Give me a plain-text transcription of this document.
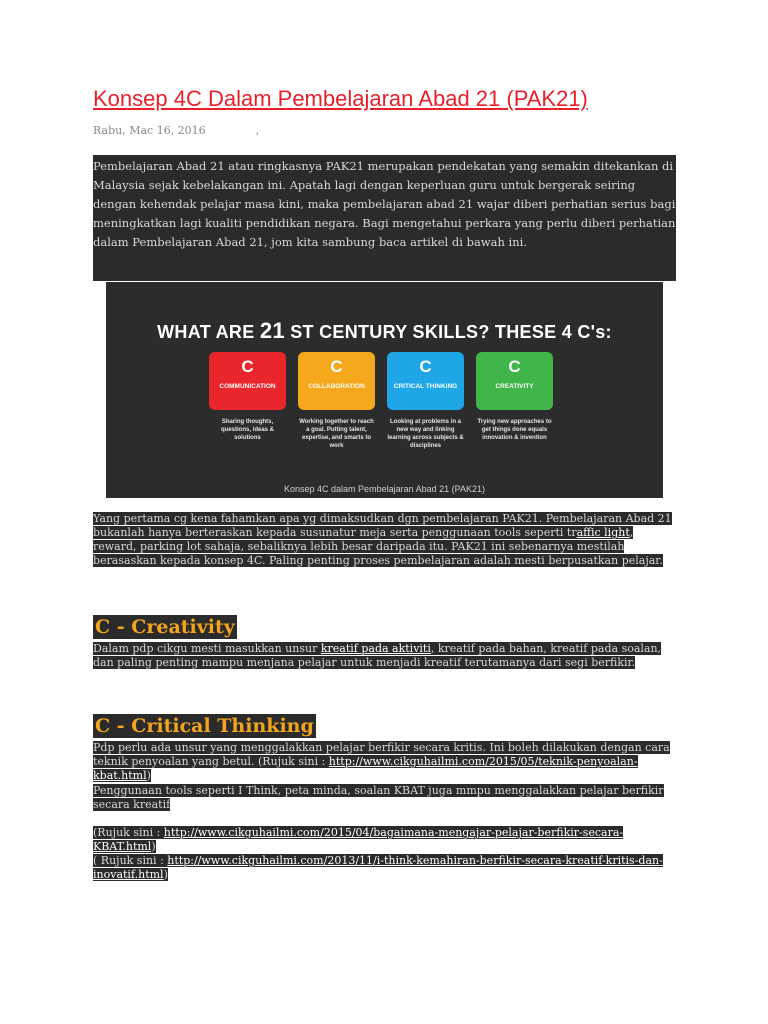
Konsep 4C Dalam Pembelajaran Abad 21 (PAK21)
Rabu, Mac 16, 2016	,

Pembelajaran Abad 21 atau ringkasnya PAK21 merupakan pendekatan yang semakin ditekankan di Malaysia sejak kebelakangan ini. Apatah lagi dengan keperluan guru untuk bergerak seiring dengan kehendak pelajar masa kini, maka pembelajaran abad 21 wajar diberi perhatian serius bagi meningkatkan lagi kualiti pendidikan negara. Bagi mengetahui perkara yang perlu diberi perhatian dalam Pembelajaran Abad 21, jom kita sambung baca artikel di bawah ini.

WHAT ARE 21 ST CENTURY SKILLS? THESE 4 C's:
C
COMMUNICATION
Sharing thoughts, questions, ideas & solutions
C
COLLABORATION
Working together to reach a goal. Putting talent, expertise, and smarts to work
C
CRITICAL THINKING
Looking at problems in a new way and linking learning across subjects & disciplines
C
CREATIVITY
Trying new approaches to get things done equals innovation & invention
Konsep 4C dalam Pembelajaran Abad 21 (PAK21)

Yang pertama cg kena fahamkan apa yg dimaksudkan dgn pembelajaran PAK21. Pembelajaran Abad 21 bukanlah hanya berteraskan kepada susunatur meja serta penggunaan tools seperti traffic light, reward, parking lot sahaja, sebaliknya lebih besar daripada itu. PAK21 ini sebenarnya mestilah berasaskan kepada konsep 4C. Paling penting proses pembelajaran adalah mesti berpusatkan pelajar.

C - Creativity

Dalam pdp cikgu mesti masukkan unsur kreatif pada aktiviti, kreatif pada bahan, kreatif pada soalan, dan paling penting mampu menjana pelajar untuk menjadi kreatif terutamanya dari segi berfikir.

C - Critical Thinking

Pdp perlu ada unsur yang menggalakkan pelajar berfikir secara kritis. Ini boleh dilakukan dengan cara teknik penyoalan yang betul. (Rujuk sini : http://www.cikguhailmi.com/2015/05/teknik-penyoalan-kbat.html)

Penggunaan tools seperti I Think, peta minda, soalan KBAT juga mmpu menggalakkan pelajar berfikir secara kreatif

(Rujuk sini : http://www.cikguhailmi.com/2015/04/bagaimana-mengajar-pelajar-berfikir-secara-KBAT.html)
( Rujuk sini : http://www.cikguhailmi.com/2013/11/i-think-kemahiran-berfikir-secara-kreatif-kritis-dan-inovatif.html)
